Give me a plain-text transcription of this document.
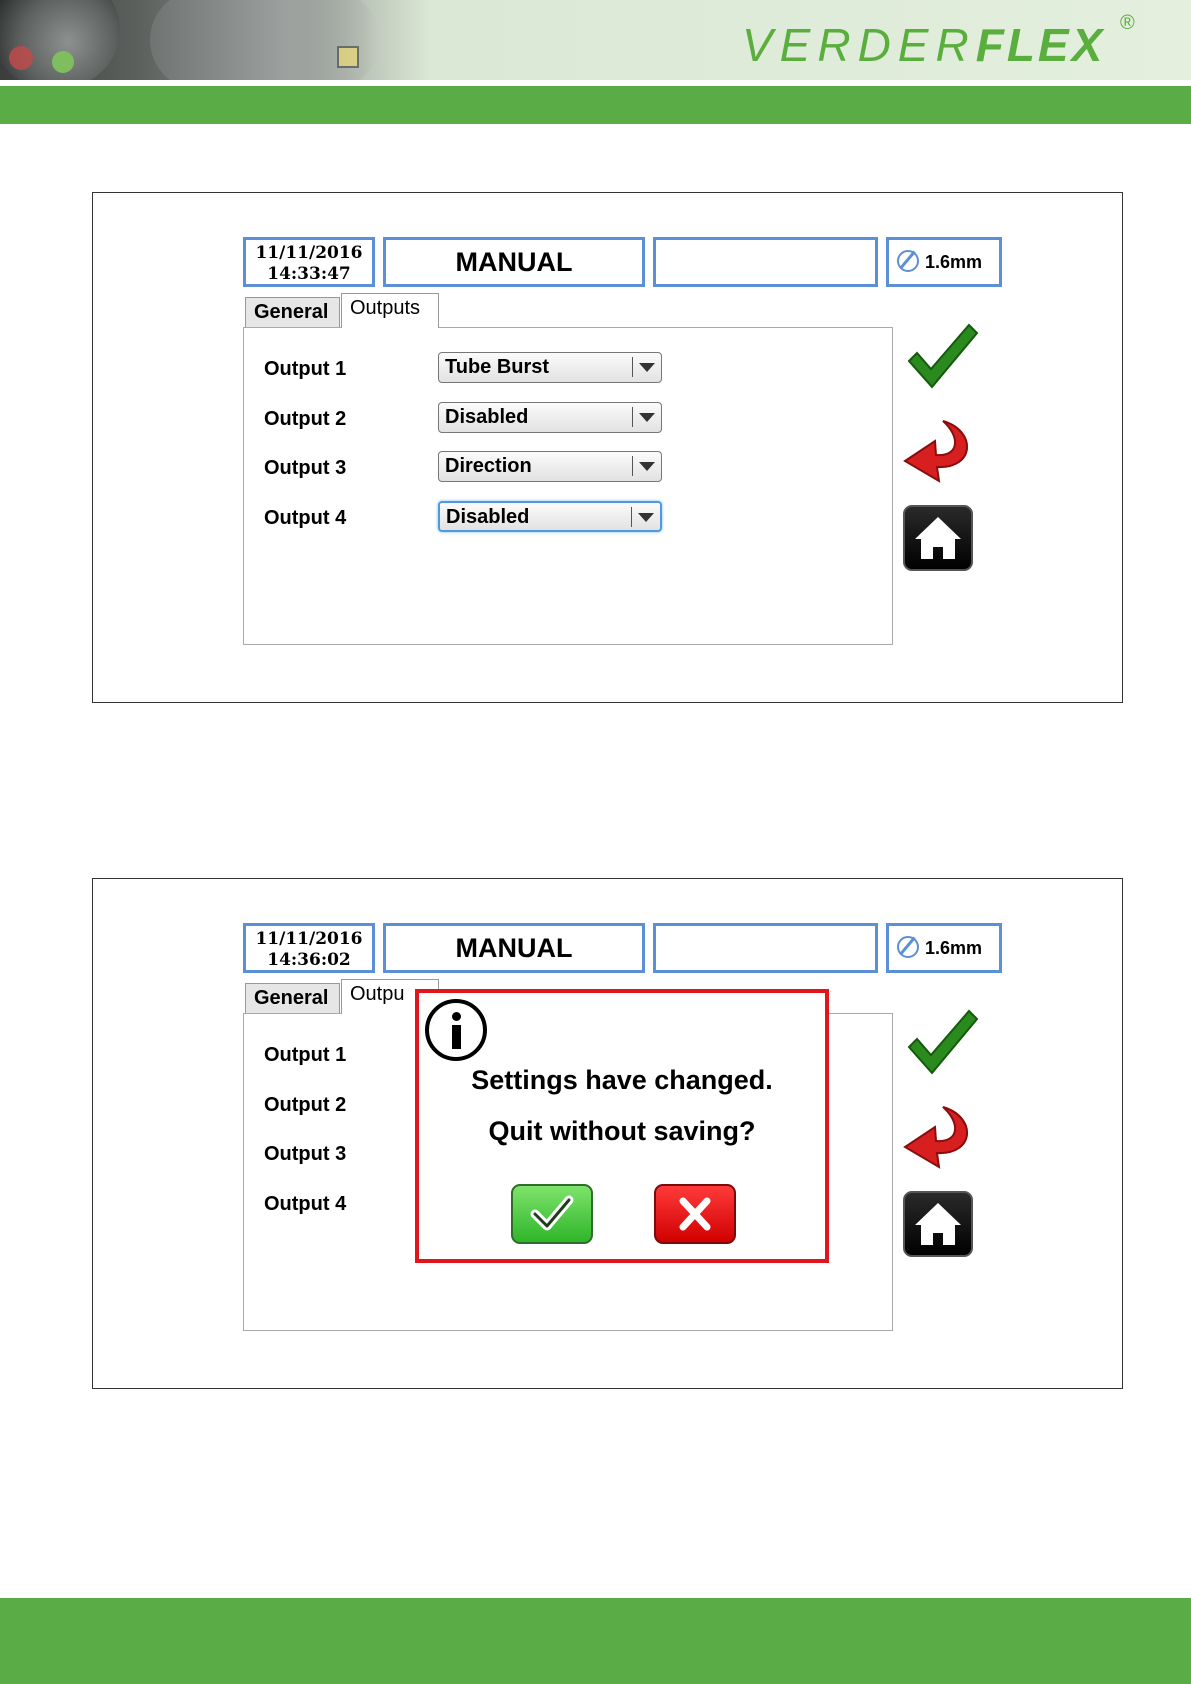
VERDERFLEX ®
11/11/2016
14:33:47	MANUAL	1.6mm
General	Outputs
Output 1	Tube Burst
Output 2	Disabled
Output 3	Direction
Output 4	Disabled
11/11/2016
14:36:02	MANUAL	1.6mm
General	Outpu
Output 1
Output 2
Output 3
Output 4
Settings have changed.
Quit without saving?
